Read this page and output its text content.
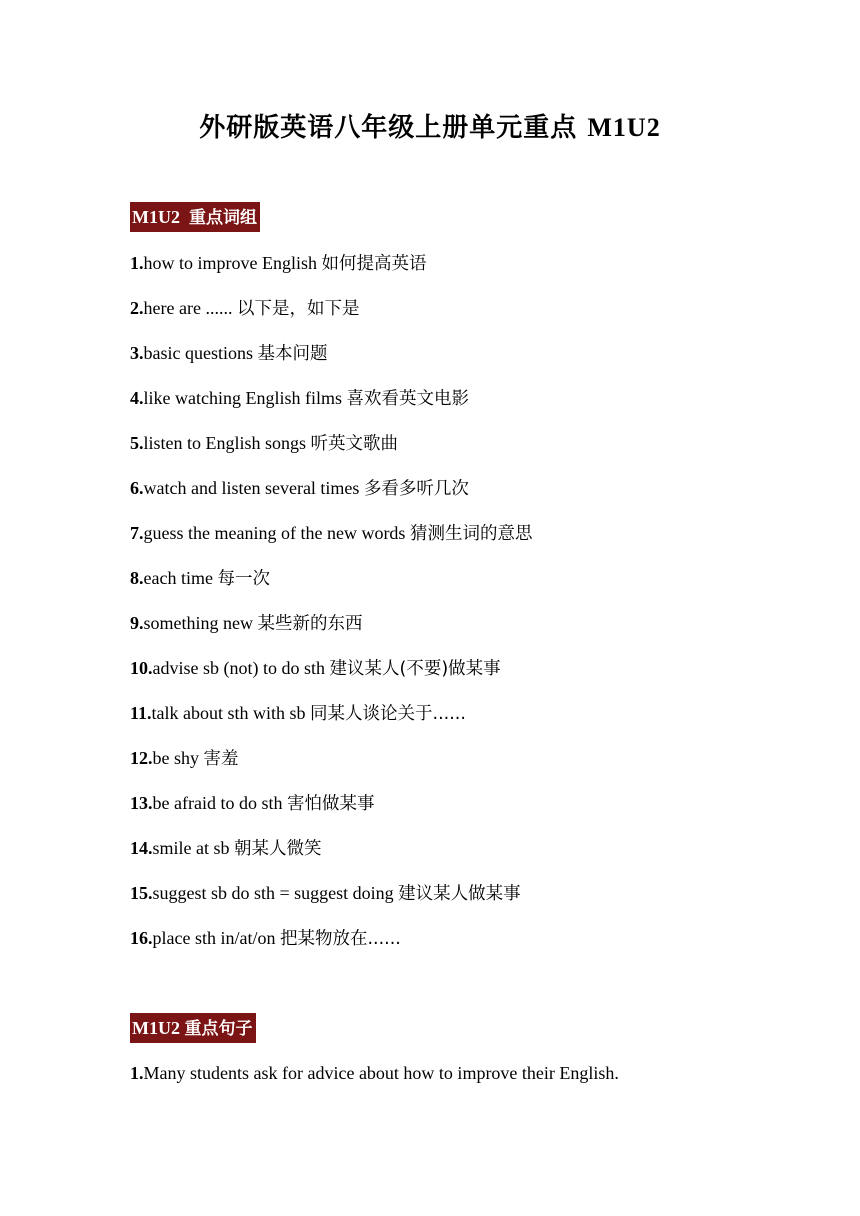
外研版英语八年级上册单元重点 M1U2
M1U2 重点词组
1.how to improve English 如何提高英语
2.here are ...... 以下是，如下是
3.basic questions 基本问题
4.like watching English films 喜欢看英文电影
5.listen to English songs 听英文歌曲
6.watch and listen several times 多看多听几次
7.guess the meaning of the new words 猜测生词的意思
8.each time 每一次
9.something new 某些新的东西
10.advise sb (not) to do sth 建议某人(不要)做某事
11.talk about sth with sb 同某人谈论关于......
12.be shy 害羞
13.be afraid to do sth 害怕做某事
14.smile at sb 朝某人微笑
15.suggest sb do sth = suggest doing 建议某人做某事
16.place sth in/at/on 把某物放在......
M1U2 重点句子
1.Many students ask for advice about how to improve their English.
